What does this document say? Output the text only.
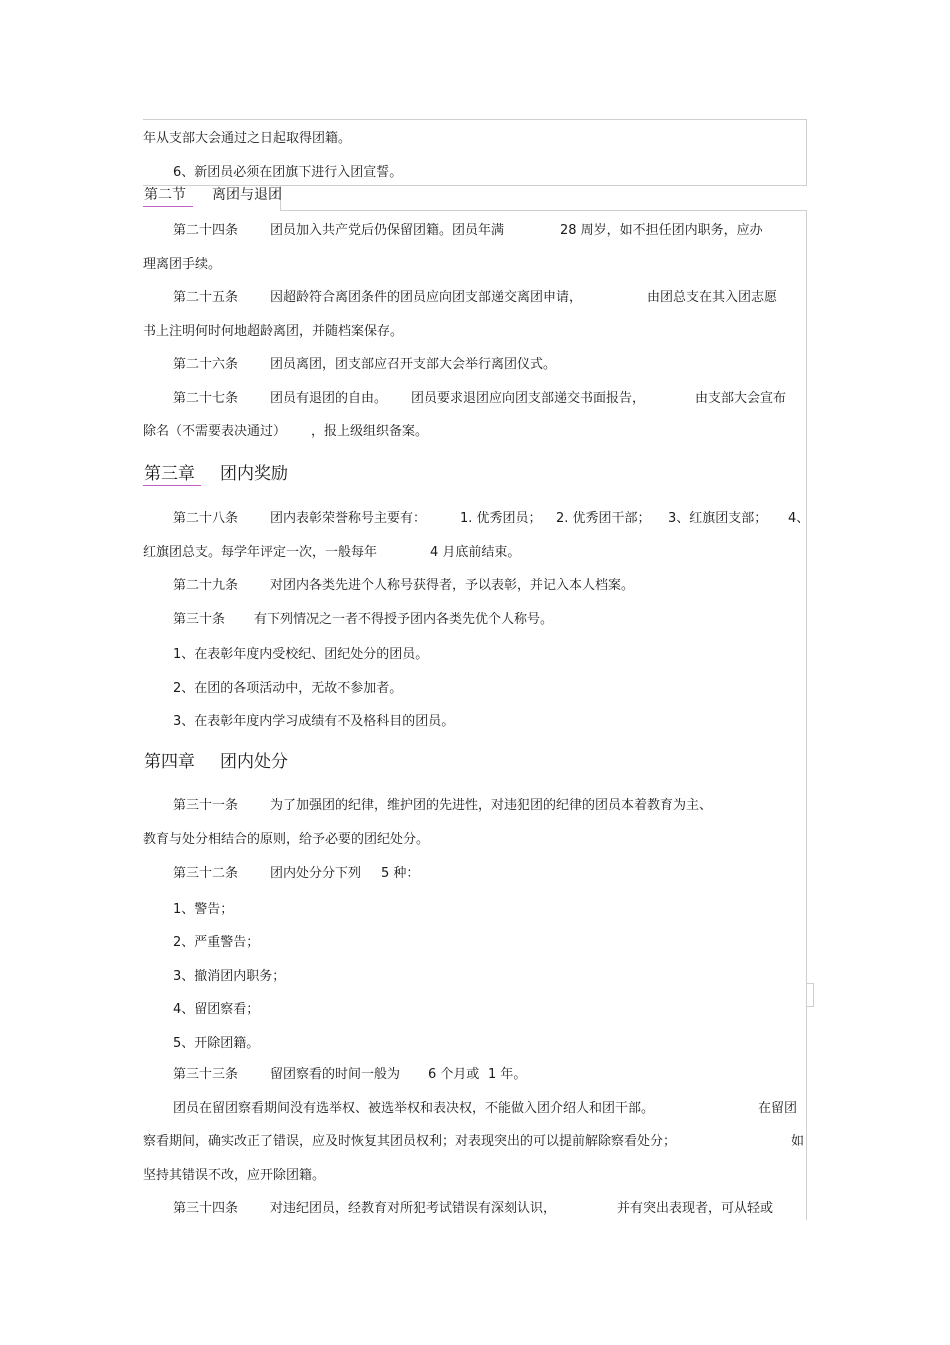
年从支部大会通过之日起取得团籍。
6、新团员必须在团旗下进行入团宣誓。
第二节 离团与退团
第二十四条 团员加入共产党后仍保留团籍。团员年满	28 周岁，如不担任团内职务，应办
理离团手续。
第二十五条 因超龄符合离团条件的团员应向团支部递交离团申请，	由团总支在其入团志愿
书上注明何时何地超龄离团，并随档案保存。
第二十六条 团员离团，团支部应召开支部大会举行离团仪式。
第二十七条 团员有退团的自由。 团员要求退团应向团支部递交书面报告，	由支部大会宣布
除名（不需要表决通过） ，报上级组织备案。
第三章 团内奖励
第二十八条 团内表彰荣誉称号主要有：	1. 优秀团员； 2. 优秀团干部； 3、红旗团支部； 4、
红旗团总支。每学年评定一次，一般每年	4 月底前结束。
第二十九条 对团内各类先进个人称号获得者，予以表彰，并记入本人档案。
第三十条 有下列情况之一者不得授予团内各类先优个人称号。
1、在表彰年度内受校纪、团纪处分的团员。
2、在团的各项活动中，无故不参加者。
3、在表彰年度内学习成绩有不及格科目的团员。
第四章 团内处分
第三十一条 为了加强团的纪律，维护团的先进性，对违犯团的纪律的团员本着教育为主、
教育与处分相结合的原则，给予必要的团纪处分。
第三十二条 团内处分分下列 5 种：
1、警告；
2、严重警告；
3、撤消团内职务；
4、留团察看；
5、开除团籍。
第三十三条 留团察看的时间一般为 6 个月或 1 年。
团员在留团察看期间没有选举权、被选举权和表决权，不能做入团介绍人和团干部。	在留团
察看期间，确实改正了错误，应及时恢复其团员权利；对表现突出的可以提前解除察看处分；	如
坚持其错误不改，应开除团籍。
第三十四条 对违纪团员，经教育对所犯考试错误有深刻认识，	并有突出表现者，可从轻或
